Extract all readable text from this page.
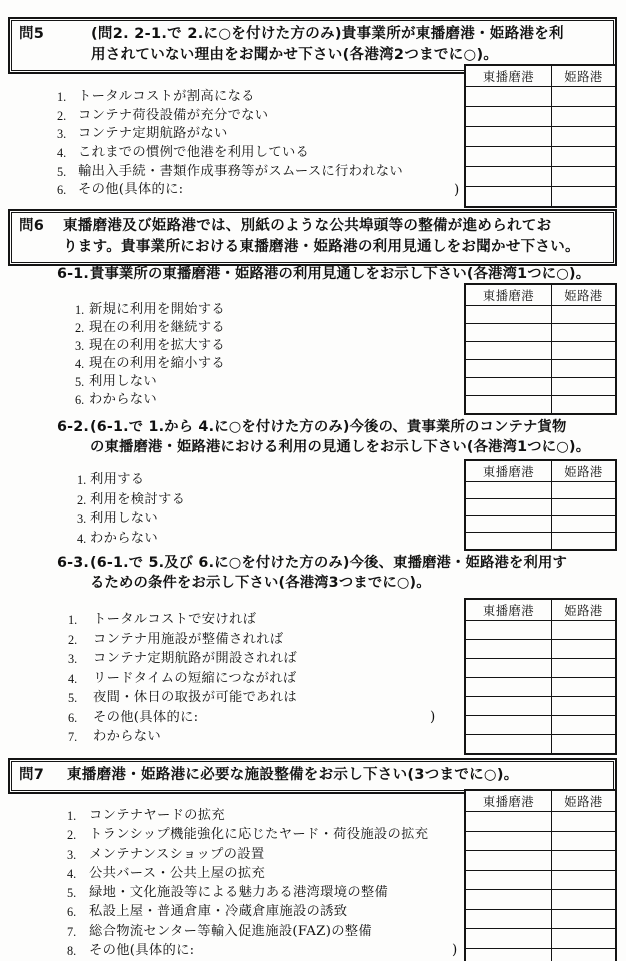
問5	(問2. 2-1.で 2.に○を付けた方のみ)貴事業所が東播磨港・姫路港を利
用されていない理由をお聞かせ下さい(各港湾2つまでに○)。
東播磨港	姫路港

1. トータルコストが割高になる
2. コンテナ荷役設備が充分でない
3. コンテナ定期航路がない
4. これまでの慣例で他港を利用している
5. 輸出入手続・書類作成事務等がスムースに行われない
6. その他(具体的に:	)
問6	東播磨港及び姫路港では、別紙のような公共埠頭等の整備が進められてお
ります。貴事業所における東播磨港・姫路港の利用見通しをお聞かせ下さい。
6-1. 貴事業所の東播磨港・姫路港の利用見通しをお示し下さい(各港湾1つに○)。
東播磨港	姫路港

1. 新規に利用を開始する
2. 現在の利用を継続する
3. 現在の利用を拡大する
4. 現在の利用を縮小する
5. 利用しない
6. わからない
6-2. (6-1.で 1.から 4.に○を付けた方のみ)今後の、貴事業所のコンテナ貨物
の東播磨港・姫路港における利用の見通しをお示し下さい(各港湾1つに○)。
東播磨港	姫路港

1. 利用する
2. 利用を検討する
3. 利用しない
4. わからない
6-3. (6-1.で 5.及び 6.に○を付けた方のみ)今後、東播磨港・姫路港を利用す
るための条件をお示し下さい(各港湾3つまでに○)。
東播磨港	姫路港

1.	トータルコストで安ければ
2.	コンテナ用施設が整備されれば
3.	コンテナ定期航路が開設されれば
4.	リードタイムの短縮につながれば
5.	夜間・休日の取扱が可能であれは
6.	その他(具体的に:
7.	わからない
)
問7	東播磨港・姫路港に必要な施設整備をお示し下さい(3つまでに○)。
東播磨港	姫路港

1. コンテナヤードの拡充
2. トランシップ機能強化に応じたヤード・荷役施設の拡充
3. メンテナンスショップの設置
4. 公共バース・公共上屋の拡充
5. 緑地・文化施設等による魅力ある港湾環境の整備
6. 私設上屋・普通倉庫・冷蔵倉庫施設の誘致
7. 総合物流センター等輸入促進施設(FAZ)の整備
8. その他(具体的に:	)
